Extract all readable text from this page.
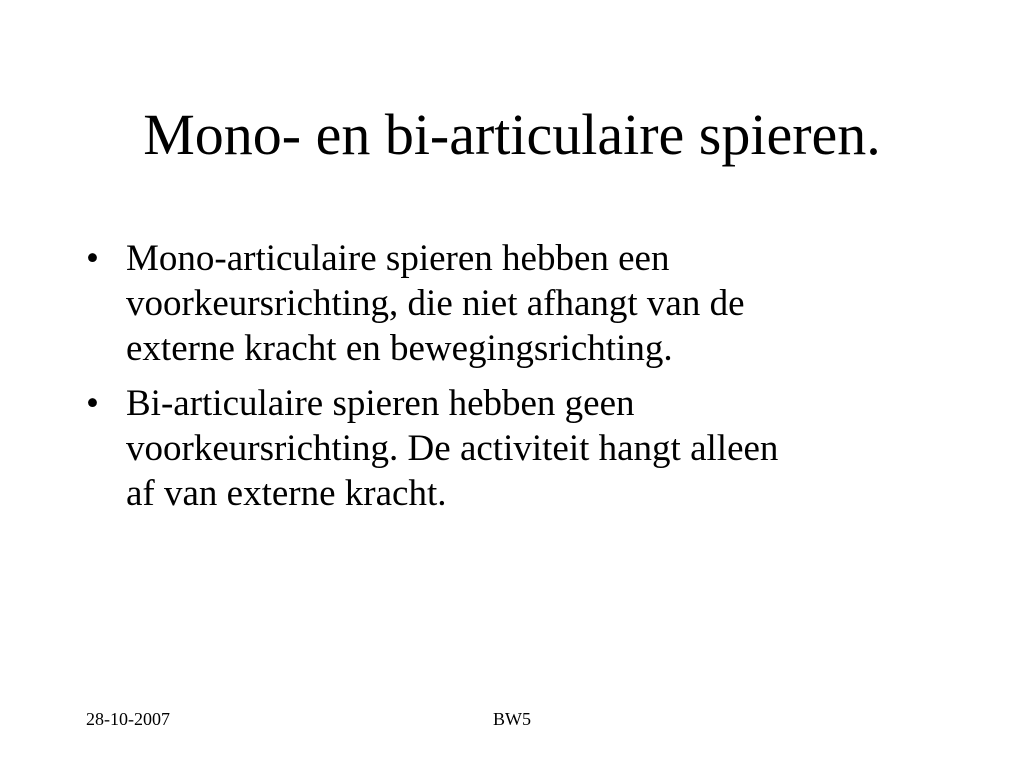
Mono- en bi-articulaire spieren.
• Mono-articulaire spieren hebben een
voorkeursrichting, die niet afhangt van de
externe kracht en bewegingsrichting.
• Bi-articulaire spieren hebben geen
voorkeursrichting. De activiteit hangt alleen
af van externe kracht.
28-10-2007	BW5
